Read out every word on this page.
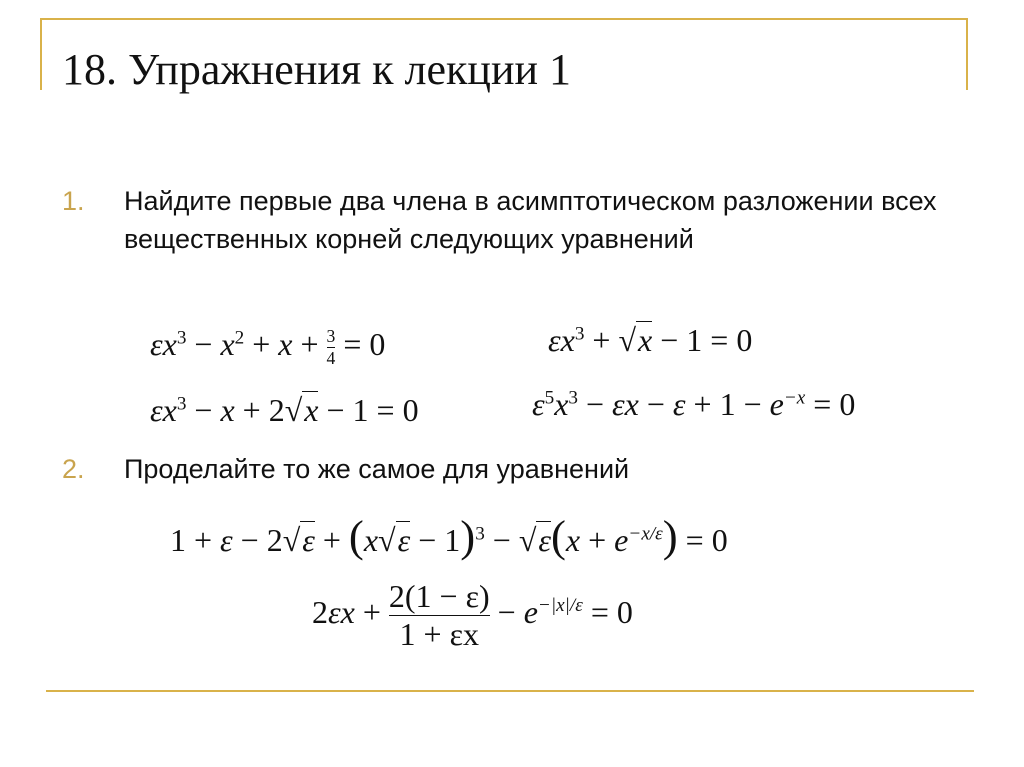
18. Упражнения к лекции 1
1. Найдите первые два члена в асимптотическом разложении всех вещественных корней следующих уравнений
$\varepsilon x^3 - x^2 + x + \frac{3}{4} = 0$	$\varepsilon x^3 + √x - 1 = 0$
$\varepsilon x^3 - x + 2√x - 1 = 0$	$\varepsilon^5x^3 - \varepsilon x - \varepsilon + 1 - e^{-x} = 0$
2. Проделайте то же самое для уравнений
$1 + \varepsilon - 2√\varepsilon + (x√\varepsilon - 1)^3 - √\varepsilon(x + e^{-x/\varepsilon}) = 0$
$2\varepsilon x + \frac{2(1 - \varepsilon)}{1 + \varepsilon x} - e^{-|x|/\varepsilon} = 0$
